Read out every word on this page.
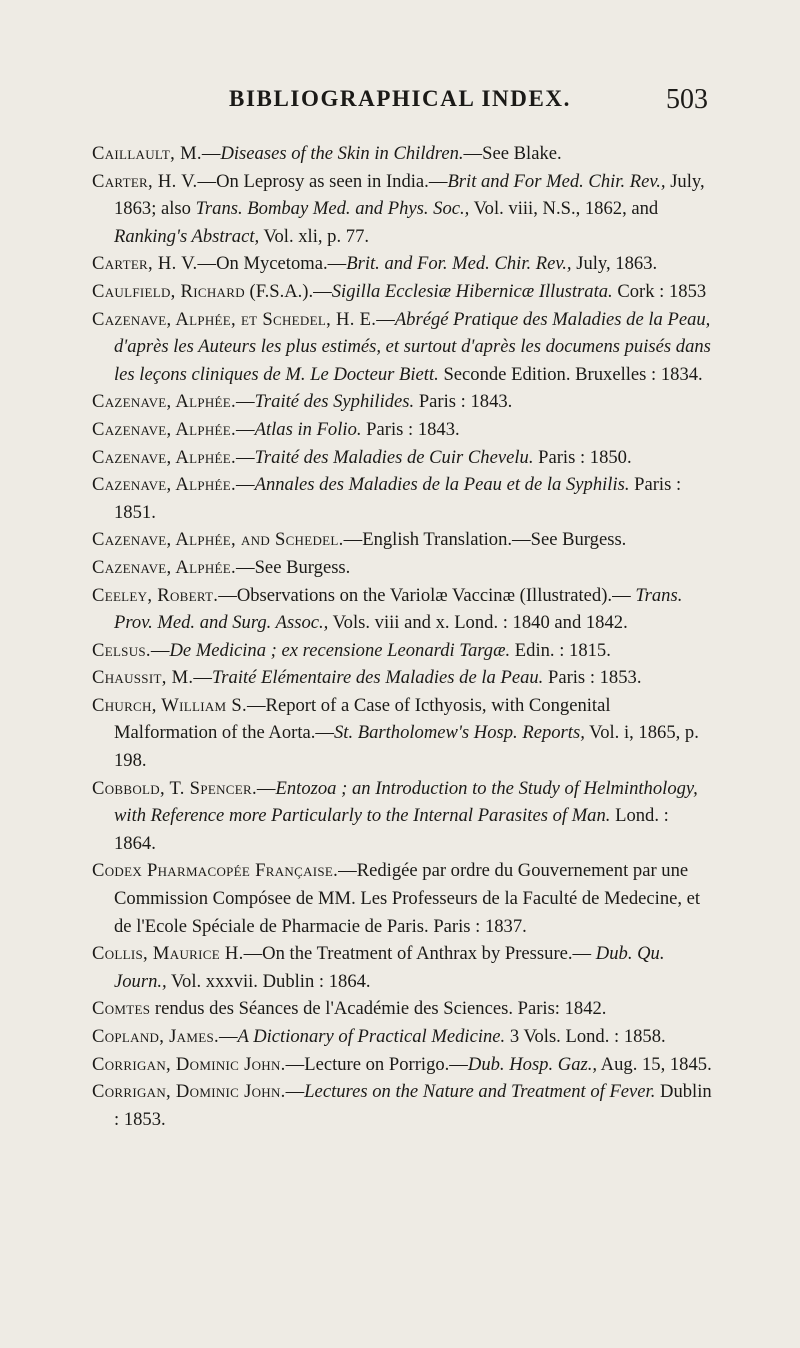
BIBLIOGRAPHICAL INDEX.	503

Caillault, M.—Diseases of the Skin in Children.—See Blake.

Carter, H. V.—On Leprosy as seen in India.—Brit and For Med. Chir. Rev., July, 1863; also Trans. Bombay Med. and Phys. Soc., Vol. viii, N.S., 1862, and Ranking's Abstract, Vol. xli, p. 77.

Carter, H. V.—On Mycetoma.—Brit. and For. Med. Chir. Rev., July, 1863.

Caulfield, Richard (F.S.A.).—Sigilla Ecclesiæ Hibernicæ Illustrata. Cork : 1853

Cazenave, Alphée, et Schedel, H. E.—Abrégé Pratique des Maladies de la Peau, d'après les Auteurs les plus estimés, et surtout d'après les documens puisés dans les leçons cliniques de M. Le Docteur Biett. Seconde Edition. Bruxelles : 1834.

Cazenave, Alphée.—Traité des Syphilides. Paris : 1843.

Cazenave, Alphée.—Atlas in Folio. Paris : 1843.

Cazenave, Alphée.—Traité des Maladies de Cuir Chevelu. Paris : 1850.

Cazenave, Alphée.—Annales des Maladies de la Peau et de la Syphilis. Paris : 1851.

Cazenave, Alphée, and Schedel.—English Translation.—See Burgess.

Cazenave, Alphée.—See Burgess.

Ceeley, Robert.—Observations on the Variolæ Vaccinæ (Illustrated).— Trans. Prov. Med. and Surg. Assoc., Vols. viii and x. Lond. : 1840 and 1842.

Celsus.—De Medicina ; ex recensione Leonardi Targæ. Edin. : 1815.

Chaussit, M.—Traité Elémentaire des Maladies de la Peau. Paris : 1853.

Church, William S.—Report of a Case of Icthyosis, with Congenital Malformation of the Aorta.—St. Bartholomew's Hosp. Reports, Vol. i, 1865, p. 198.

Cobbold, T. Spencer.—Entozoa ; an Introduction to the Study of Helminthology, with Reference more Particularly to the Internal Parasites of Man. Lond. : 1864.

Codex Pharmacopée Française.—Redigée par ordre du Gouvernement par une Commission Compósee de MM. Les Professeurs de la Faculté de Medecine, et de l'Ecole Spéciale de Pharmacie de Paris. Paris : 1837.

Collis, Maurice H.—On the Treatment of Anthrax by Pressure.— Dub. Qu. Journ., Vol. xxxvii. Dublin : 1864.

Comtes rendus des Séances de l'Académie des Sciences. Paris: 1842.

Copland, James.—A Dictionary of Practical Medicine. 3 Vols. Lond. : 1858.

Corrigan, Dominic John.—Lecture on Porrigo.—Dub. Hosp. Gaz., Aug. 15, 1845.

Corrigan, Dominic John.—Lectures on the Nature and Treatment of Fever. Dublin : 1853.
